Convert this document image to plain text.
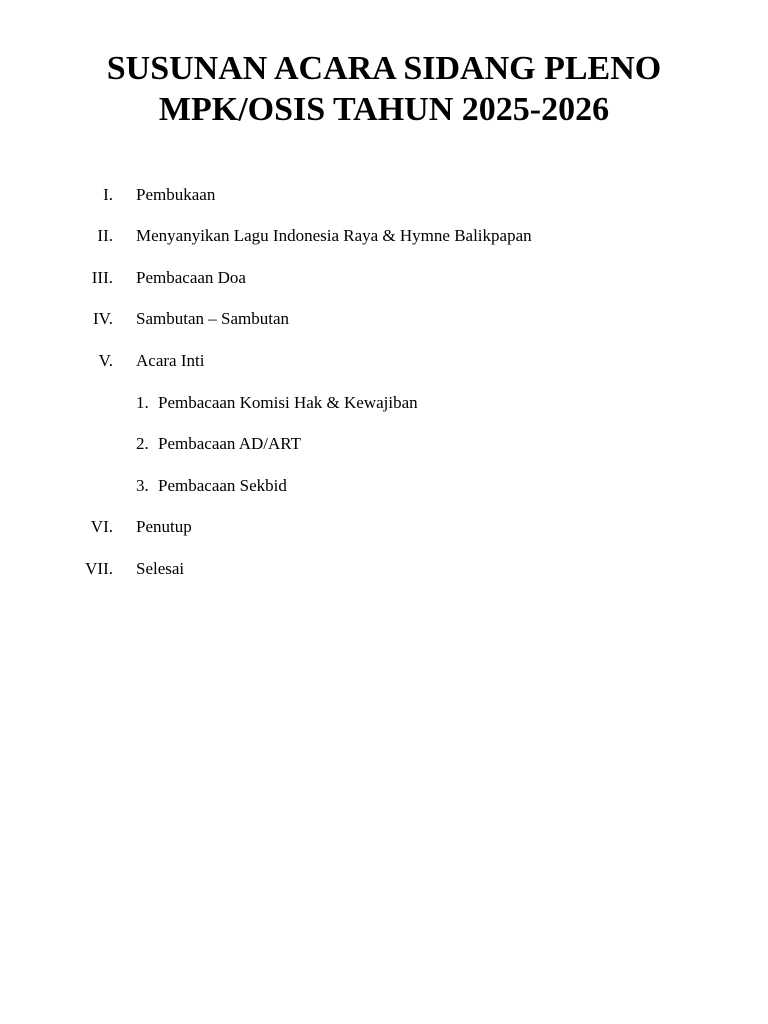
SUSUNAN ACARA SIDANG PLENO
MPK/OSIS TAHUN 2025-2026
I. Pembukaan
II. Menyanyikan Lagu Indonesia Raya & Hymne Balikpapan
III. Pembacaan Doa
IV. Sambutan – Sambutan
V. Acara Inti
1. Pembacaan Komisi Hak & Kewajiban
2. Pembacaan AD/ART
3. Pembacaan Sekbid
VI. Penutup
VII. Selesai
